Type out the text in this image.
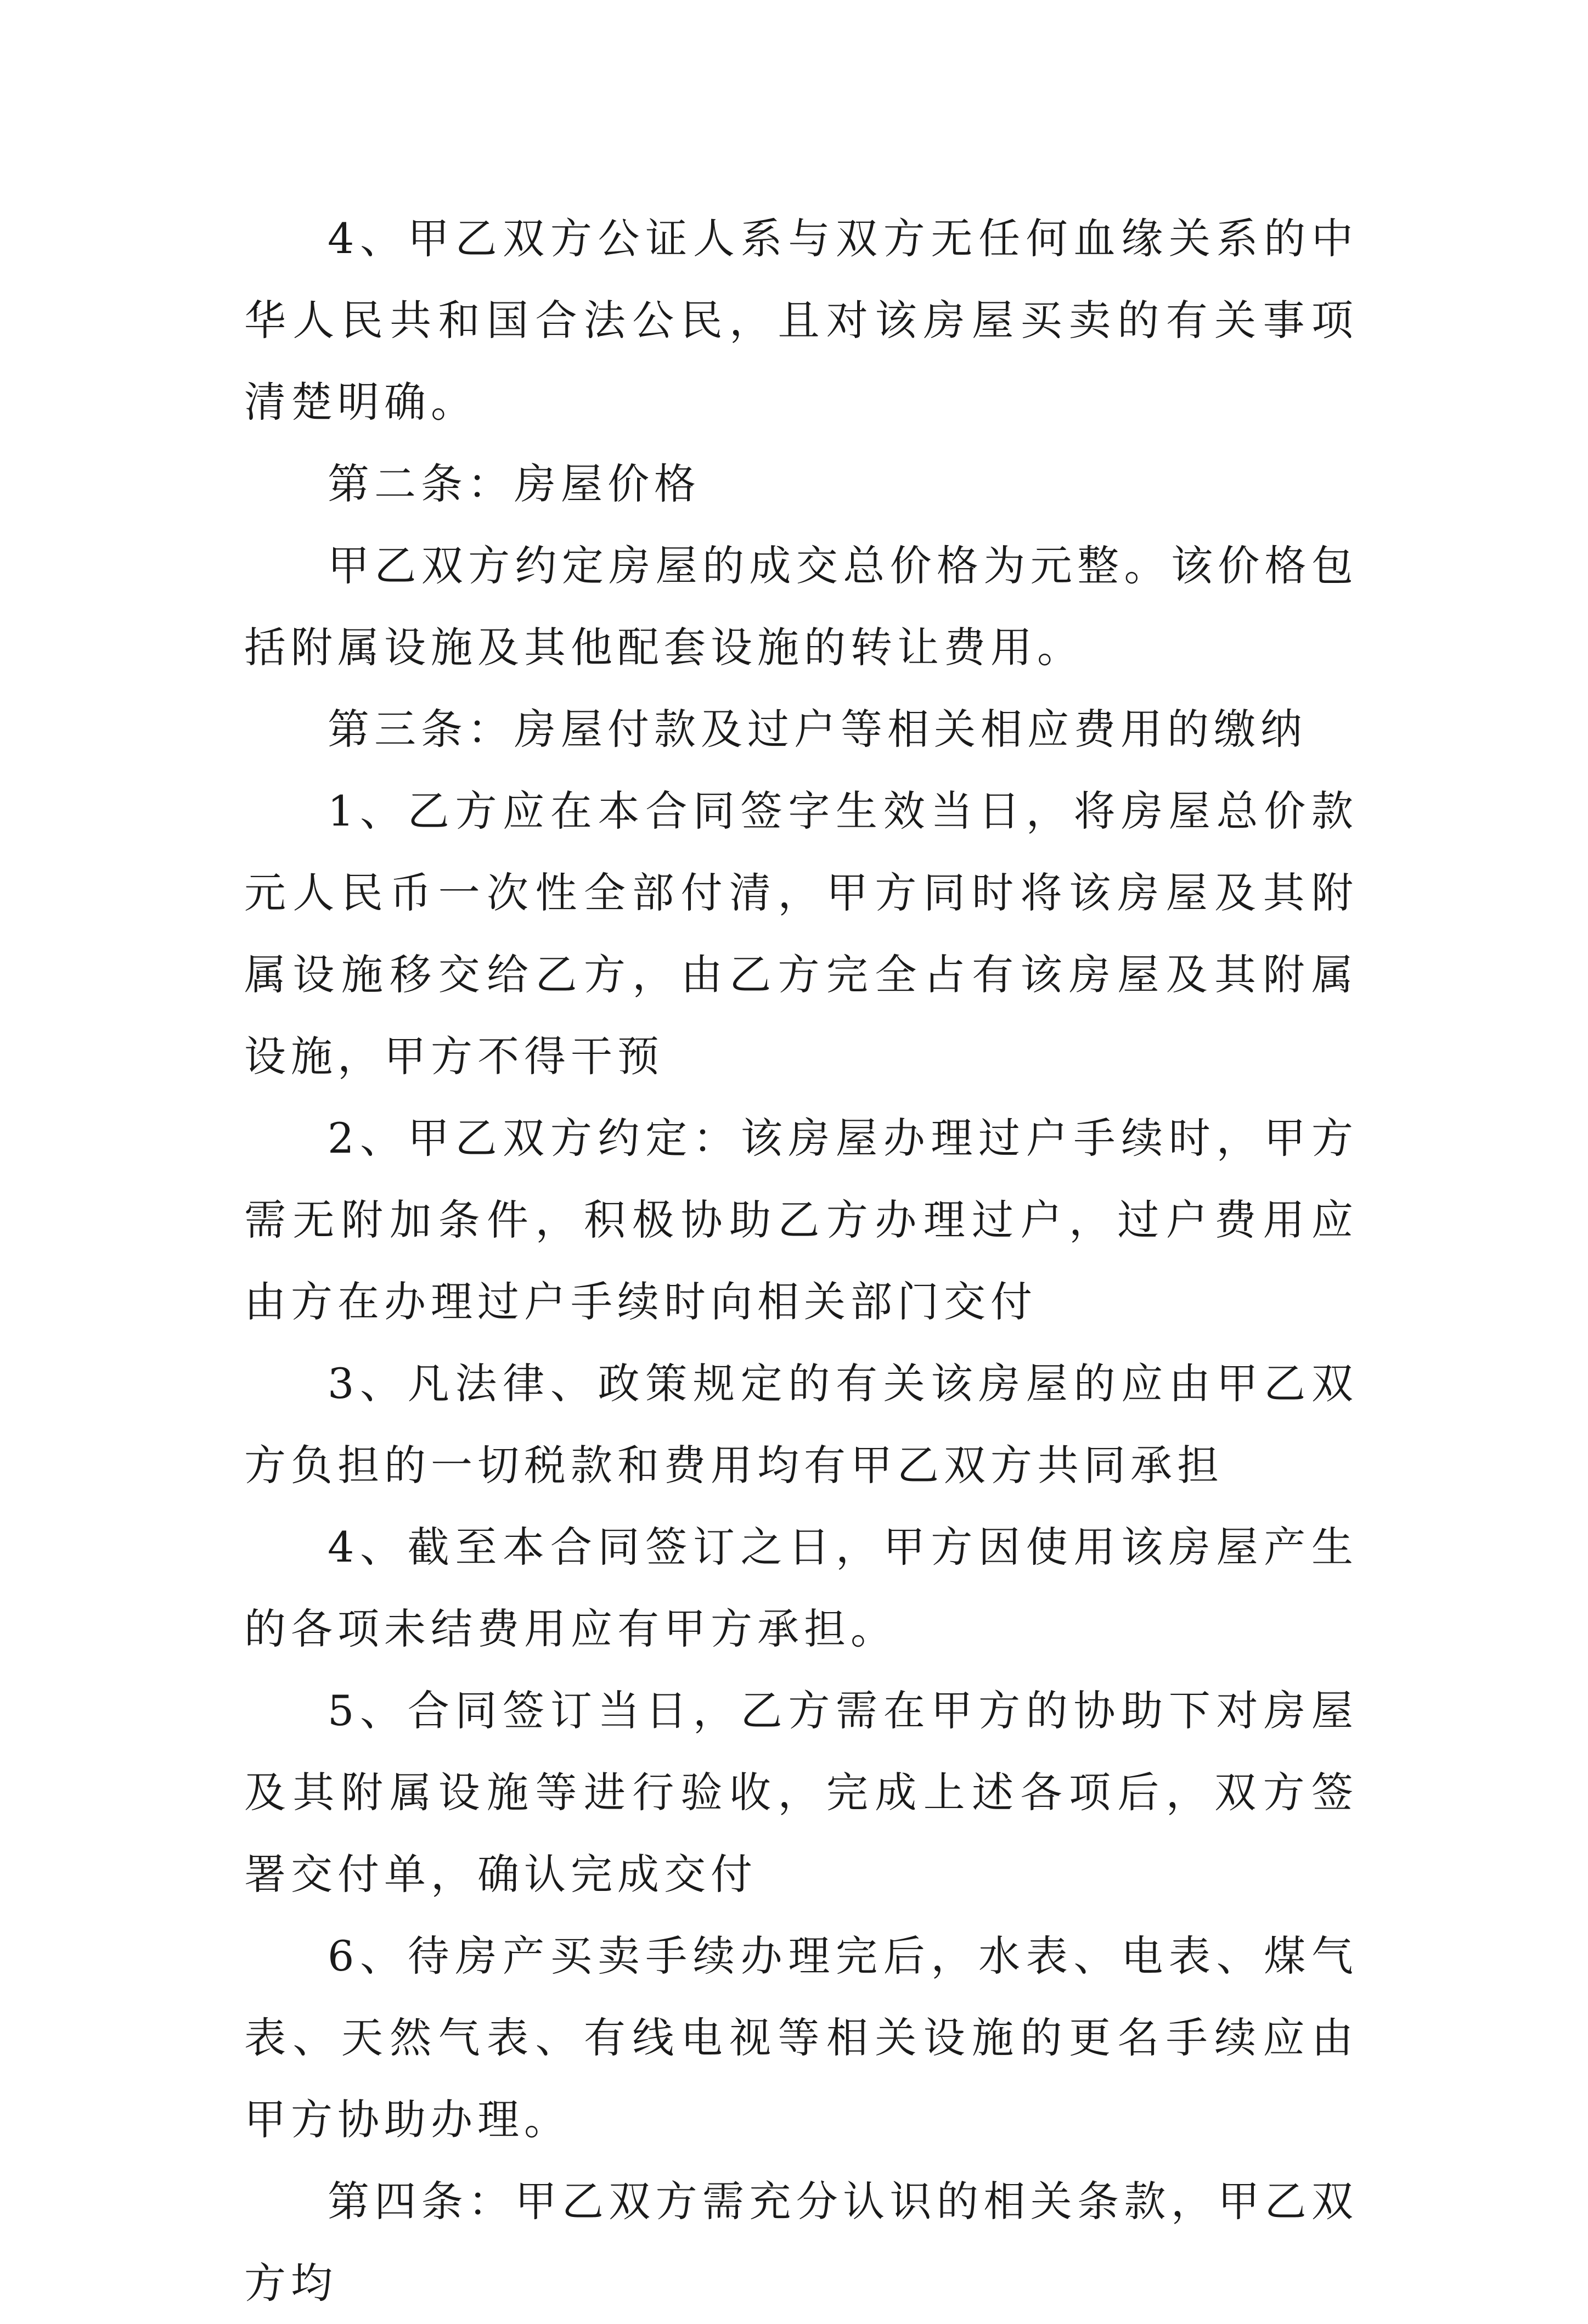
4、甲乙双方公证人系与双方无任何血缘关系的中华人民共和国合法公民，且对该房屋买卖的有关事项清楚明确。

第二条：房屋价格

甲乙双方约定房屋的成交总价格为元整。该价格包括附属设施及其他配套设施的转让费用。

第三条：房屋付款及过户等相关相应费用的缴纳

1、乙方应在本合同签字生效当日，将房屋总价款元人民币一次性全部付清，甲方同时将该房屋及其附属设施移交给乙方，由乙方完全占有该房屋及其附属设施，甲方不得干预

2、甲乙双方约定：该房屋办理过户手续时，甲方需无附加条件，积极协助乙方办理过户，过户费用应由方在办理过户手续时向相关部门交付

3、凡法律、政策规定的有关该房屋的应由甲乙双方负担的一切税款和费用均有甲乙双方共同承担

4、截至本合同签订之日，甲方因使用该房屋产生的各项未结费用应有甲方承担。

5、合同签订当日，乙方需在甲方的协助下对房屋及其附属设施等进行验收，完成上述各项后，双方签署交付单，确认完成交付

6、待房产买卖手续办理完后，水表、电表、煤气表、天然气表、有线电视等相关设施的更名手续应由甲方协助办理。

第四条：甲乙双方需充分认识的相关条款，甲乙双方均
